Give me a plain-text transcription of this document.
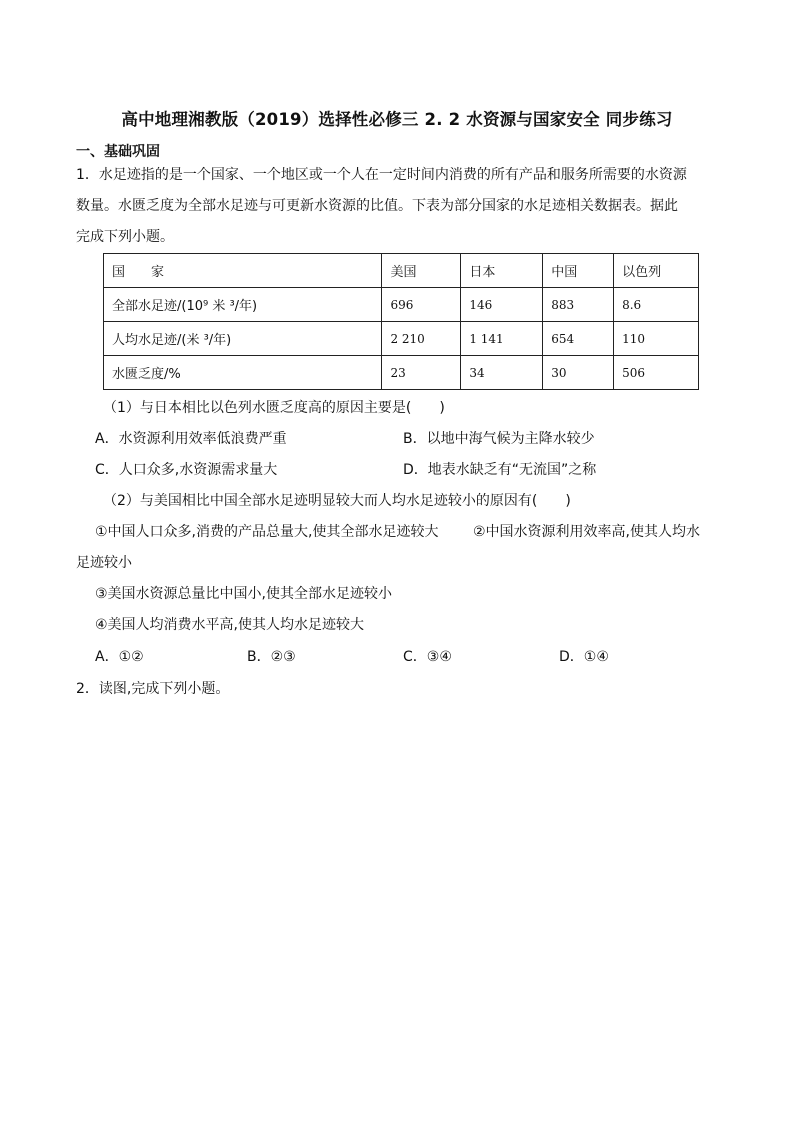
高中地理湘教版（2019）选择性必修三 2. 2 水资源与国家安全 同步练习
一、基础巩固
1．水足迹指的是一个国家、一个地区或一个人在一定时间内消费的所有产品和服务所需要的水资源
数量。水匮乏度为全部水足迹与可更新水资源的比值。下表为部分国家的水足迹相关数据表。据此
完成下列小题。
国　　家	美国	日本	中国	以色列
全部水足迹/(10⁹ 米 ³/年)	696	146	883	8.6
人均水足迹/(米 ³/年)	2 210	1 141	654	110
水匮乏度/%	23	34	30	506
（1）与日本相比以色列水匮乏度高的原因主要是(　　)
A．水资源利用效率低浪费严重	B．以地中海气候为主降水较少
C．人口众多,水资源需求量大	D．地表水缺乏有“无流国”之称
（2）与美国相比中国全部水足迹明显较大而人均水足迹较小的原因有(　　)
①中国人口众多,消费的产品总量大,使其全部水足迹较大 ②中国水资源利用效率高,使其人均水
足迹较小
③美国水资源总量比中国小,使其全部水足迹较小
④美国人均消费水平高,使其人均水足迹较大
A．①②	B．②③	C．③④	D．①④
2．读图,完成下列小题。
